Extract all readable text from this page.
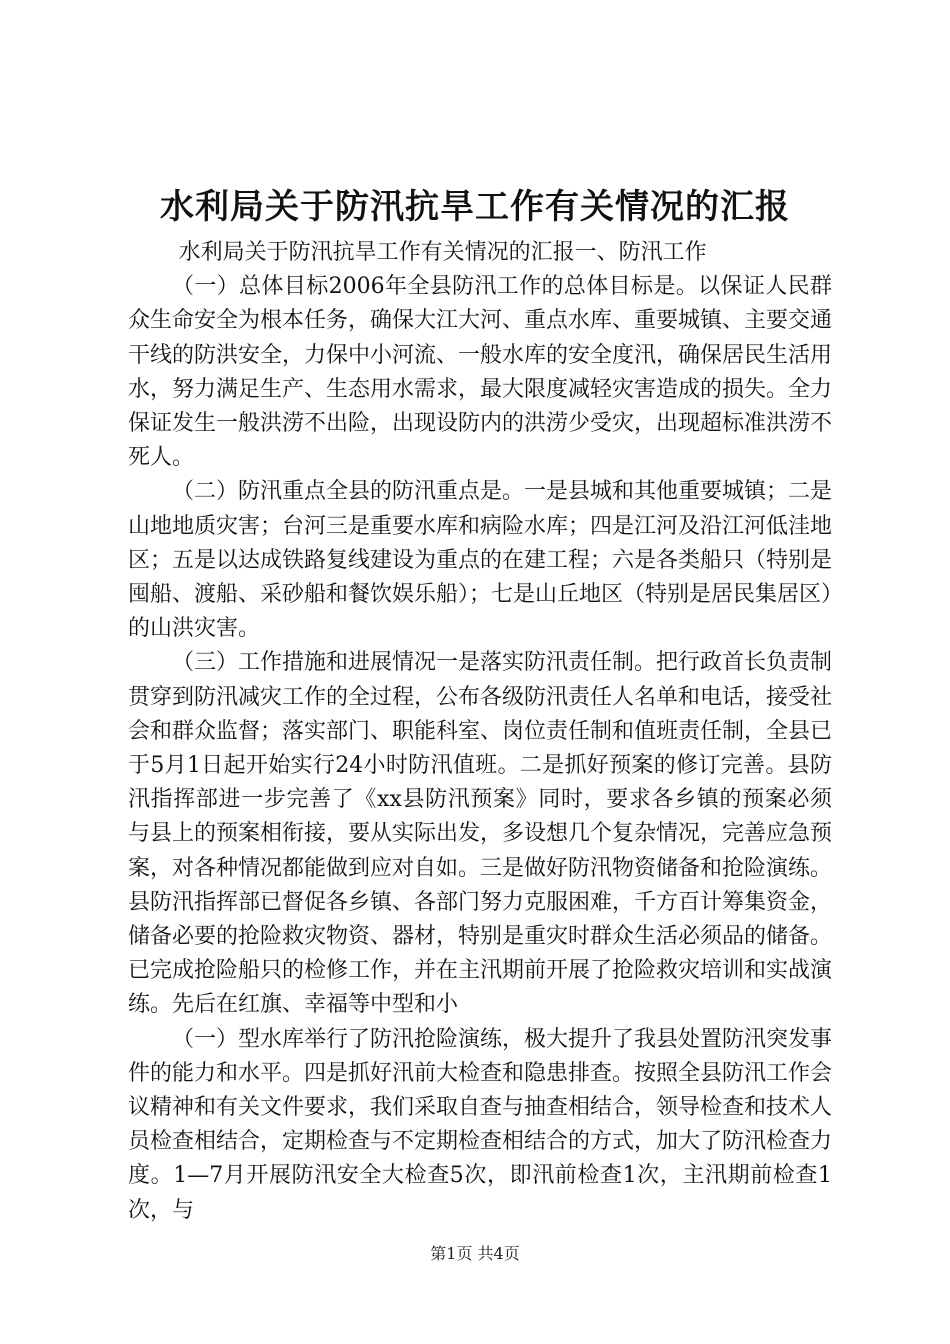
水利局关于防汛抗旱工作有关情况的汇报

水利局关于防汛抗旱工作有关情况的汇报一、防汛工作

（一）总体目标2006年全县防汛工作的总体目标是。以保证人民群众生命安全为根本任务，确保大江大河、重点水库、重要城镇、主要交通干线的防洪安全，力保中小河流、一般水库的安全度汛，确保居民生活用水，努力满足生产、生态用水需求，最大限度减轻灾害造成的损失。全力保证发生一般洪涝不出险，出现设防内的洪涝少受灾，出现超标准洪涝不死人。

（二）防汛重点全县的防汛重点是。一是县城和其他重要城镇；二是山地地质灾害；台河三是重要水库和病险水库；四是江河及沿江河低洼地区；五是以达成铁路复线建设为重点的在建工程；六是各类船只（特别是囤船、渡船、采砂船和餐饮娱乐船）；七是山丘地区（特别是居民集居区）的山洪灾害。

（三）工作措施和进展情况一是落实防汛责任制。把行政首长负责制贯穿到防汛减灾工作的全过程，公布各级防汛责任人名单和电话，接受社会和群众监督；落实部门、职能科室、岗位责任制和值班责任制，全县已于5月1日起开始实行24小时防汛值班。二是抓好预案的修订完善。县防汛指挥部进一步完善了《xx县防汛预案》同时，要求各乡镇的预案必须与县上的预案相衔接，要从实际出发，多设想几个复杂情况，完善应急预案，对各种情况都能做到应对自如。三是做好防汛物资储备和抢险演练。县防汛指挥部已督促各乡镇、各部门努力克服困难，千方百计筹集资金，储备必要的抢险救灾物资、器材，特别是重灾时群众生活必须品的储备。已完成抢险船只的检修工作，并在主汛期前开展了抢险救灾培训和实战演练。先后在红旗、幸福等中型和小

（一）型水库举行了防汛抢险演练，极大提升了我县处置防汛突发事件的能力和水平。四是抓好汛前大检查和隐患排查。按照全县防汛工作会议精神和有关文件要求，我们采取自查与抽查相结合，领导检查和技术人员检查相结合，定期检查与不定期检查相结合的方式，加大了防汛检查力度。1—7月开展防汛安全大检查5次，即汛前检查1次，主汛期前检查1次，与

第1页 共4页
